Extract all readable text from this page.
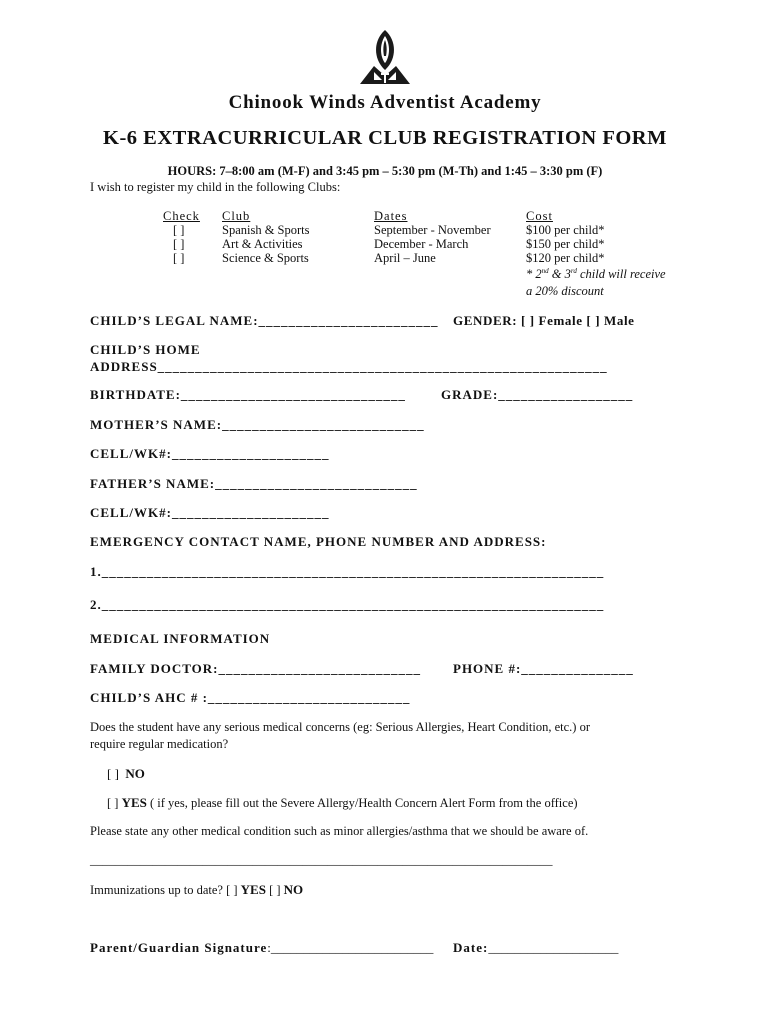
Chinook Winds Adventist Academy
K-6 EXTRACURRICULAR CLUB REGISTRATION FORM
HOURS: 7–8:00 am (M-F) and 3:45 pm – 5:30 pm (M-Th) and 1:45 – 3:30 pm (F)
I wish to register my child in the following Clubs:
Check Club	Dates	Cost
[ ]	Spanish & Sports	September - November	$100 per child*
[ ]	Art & Activities	December - March	$150 per child*
[ ]	Science & Sports	April – June	$120 per child*
* 2nd & 3rd child will receive
a 20% discount
CHILD’S LEGAL NAME:________________________ GENDER: [ ] Female [ ] Male
CHILD’S HOME
ADDRESS____________________________________________________________
BIRTHDATE:______________________________	GRADE:__________________
MOTHER’S NAME:___________________________
CELL/WK#:_____________________
FATHER’S NAME:___________________________
CELL/WK#:_____________________
EMERGENCY CONTACT NAME, PHONE NUMBER AND ADDRESS:
1.___________________________________________________________________
2.___________________________________________________________________
MEDICAL INFORMATION
FAMILY DOCTOR:___________________________ PHONE #:_______________
CHILD’S AHC # :___________________________
Does the student have any serious medical concerns (eg: Serious Allergies, Heart Condition, etc.) or
require regular medication?
[ ] NO
[ ] YES ( if yes, please fill out the Severe Allergy/Health Concern Alert Form from the office)
Please state any other medical condition such as minor allergies/asthma that we should be aware of.
__________________________________________________________________________
Immunizations up to date? [ ] YES [ ] NO
Parent/Guardian Signature:_________________________ Date:____________________
